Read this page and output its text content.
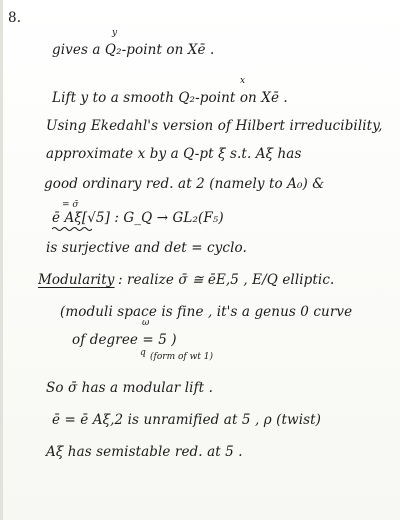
8.
y
gives a Q₂-point on Xē .
x
Lift y to a smooth Q₂-point on Xē .
Using Ekedahl's version of Hilbert irreducibility,
approximate x by a Q-pt ξ s.t. Aξ has
good ordinary red. at 2 (namely to A₀) &
= σ̄
ē Aξ[√5] : G_Q → GL₂(F₅)
is surjective and det = cyclo.
Modularity : realize σ̄ ≅ ēE,5 , E/Q elliptic.
(moduli space is fine , it's a genus 0 curve
ω
of degree = 5 )
q (form of wt 1)
So σ̄ has a modular lift .
ē = ē Aξ,2 is unramified at 5 , ρ (twist)
Aξ has semistable red. at 5 .
